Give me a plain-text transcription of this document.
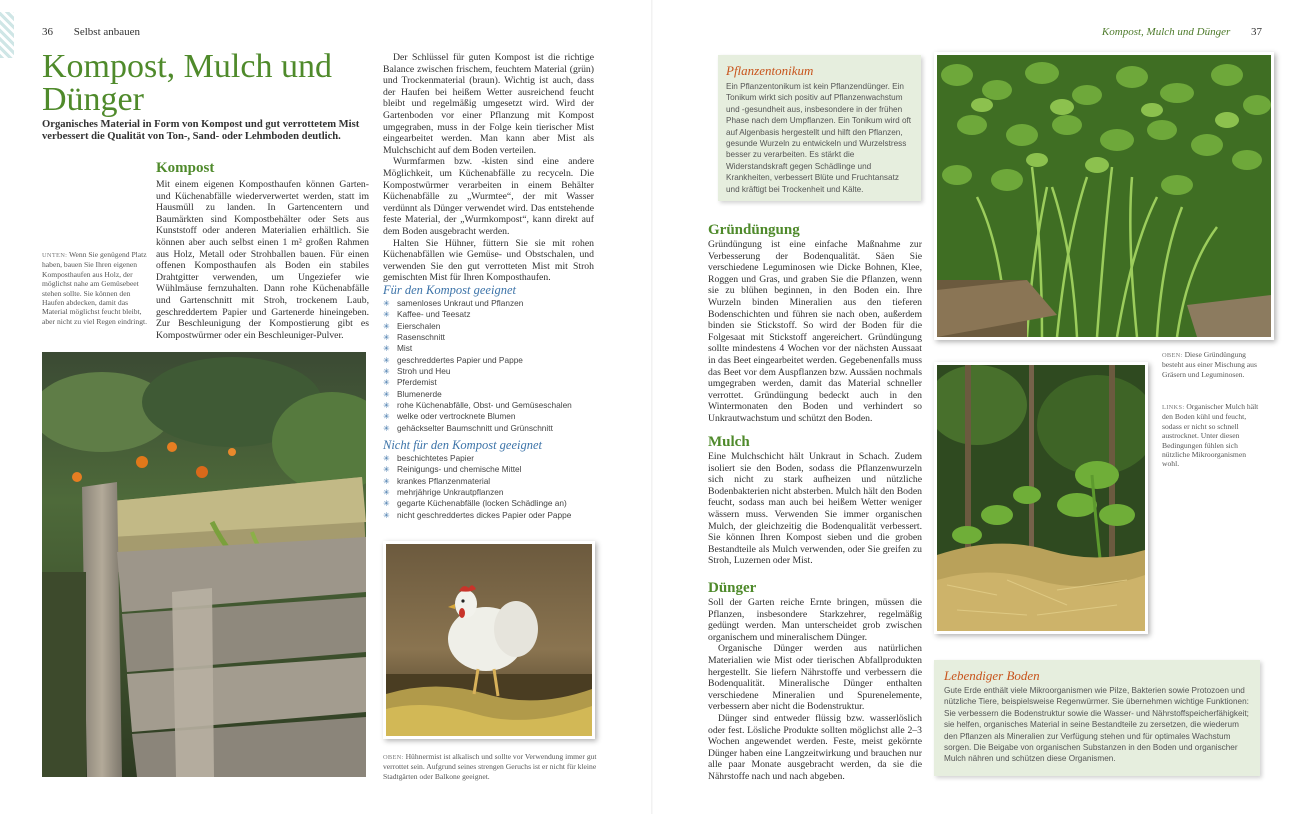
36 Selbst anbauen
Kompost, Mulch und
Dünger
Organisches Material in Form von Kompost und gut verrottetem Mist verbessert die Qualität von Ton-, Sand- oder Lehmboden deutlich.
Kompost

Mit einem eigenen Komposthaufen können Garten- und Küchenabfälle wiederverwertet werden, statt im Hausmüll zu landen. In Gartencentern und Baumärkten sind Kompostbehälter oder Sets aus Kunststoff oder anderen Materialien erhältlich. Sie können aber auch selbst einen 1 m² großen Rahmen aus Holz, Metall oder Strohballen bauen. Für einen offenen Komposthaufen als Boden ein stabiles Drahtgitter verwenden, um Ungeziefer wie Wühlmäuse fernzuhalten. Dann rohe Küchenabfälle und Gartenschnitt mit Stroh, trockenem Laub, geschreddertem Papier und Gartenerde hineingeben. Zur Beschleunigung der Kompostierung gibt es Kompostwürmer oder ein Beschleuniger-Pulver.

UNTEN: Wenn Sie genügend Platz haben, bauen Sie Ihren eigenen Komposthaufen aus Holz, der möglichst nahe am Gemüsebeet stehen sollte. Sie können den Haufen abdecken, damit das Material möglichst feucht bleibt, aber nicht zu viel Regen eindringt.

Der Schlüssel für guten Kompost ist die richtige Balance zwischen frischem, feuchtem Material (grün) und Trockenmaterial (braun). Wichtig ist auch, dass der Haufen bei heißem Wetter ausreichend feucht bleibt und regelmäßig umgesetzt wird. Wird der Gartenboden vor einer Pflanzung mit Kompost umgegraben, muss in der Folge kein tierischer Mist eingearbeitet werden. Man kann aber Mist als Mulchschicht auf dem Boden verteilen.

Wurmfarmen bzw. -kisten sind eine andere Möglichkeit, um Küchenabfälle zu recyceln. Die Kompostwürmer verarbeiten in einem Behälter Küchenabfälle zu „Wurmtee“, der mit Wasser verdünnt als Dünger verwendet wird. Das entstehende feste Material, der „Wurmkompost“, kann direkt auf dem Boden ausgebracht werden.

Halten Sie Hühner, füttern Sie sie mit rohen Küchenabfällen wie Gemüse- und Obstschalen, und verwenden Sie den gut verrotteten Mist mit Stroh gemischten Mist für Ihren Komposthaufen.

Für den Kompost geeignet
✳ samenloses Unkraut und Pflanzen
✳ Kaffee- und Teesatz
✳ Eierschalen
✳ Rasenschnitt
✳ Mist
✳ geschreddertes Papier und Pappe
✳ Stroh und Heu
✳ Pferdemist
✳ Blumenerde
✳ rohe Küchenabfälle, Obst- und Gemüseschalen
✳ welke oder vertrocknete Blumen
✳ gehäckselter Baumschnitt und Grünschnitt
Nicht für den Kompost geeignet
✳ beschichtetes Papier
✳ Reinigungs- und chemische Mittel
✳ krankes Pflanzenmaterial
✳ mehrjährige Unkrautpflanzen
✳ gegarte Küchenabfälle (locken Schädlinge an)
✳ nicht geschreddertes dickes Papier oder Pappe
OBEN: Hühnermist ist alkalisch und sollte vor Verwendung immer gut verrottet sein. Aufgrund seines strengen Geruchs ist er nicht für kleine Stadtgärten oder Balkone geeignet.
Kompost, Mulch und Dünger 37
Pflanzentonikum
Ein Pflanzentonikum ist kein Pflanzendünger. Ein Tonikum wirkt sich positiv auf Pflanzenwachstum und -gesundheit aus, insbesondere in der frühen Phase nach dem Umpflanzen. Ein Tonikum wird oft auf Algenbasis hergestellt und hilft den Pflanzen, gesunde Wurzeln zu entwickeln und Wurzelstress besser zu verarbeiten. Es stärkt die Widerstandskraft gegen Schädlinge und Krankheiten, verbessert Blüte und Fruchtansatz und kräftigt bei Trockenheit und Kälte.
Gründüngung

Gründüngung ist eine einfache Maßnahme zur Verbesserung der Bodenqualität. Säen Sie verschiedene Leguminosen wie Dicke Bohnen, Klee, Roggen und Gras, und graben Sie die Pflanzen, wenn sie zu blühen beginnen, in den Boden ein. Ihre Wurzeln binden Mineralien aus den tieferen Bodenschichten und führen sie nach oben, außerdem binden sie Stickstoff. So wird der Boden für die Folgesaat mit Stickstoff angereichert. Gründüngung sollte mindestens 4 Wochen vor der nächsten Aussaat in das Beet eingearbeitet werden. Gegebenenfalls muss das Beet vor dem Auspflanzen bzw. Aussäen nochmals umgegraben werden, damit das Material schneller verrottet. Gründüngung bedeckt auch in den Wintermonaten den Boden und verhindert so Unkrautwachstum und schützt den Boden.

Mulch

Eine Mulchschicht hält Unkraut in Schach. Zudem isoliert sie den Boden, sodass die Pflanzenwurzeln sich nicht zu stark aufheizen und nützliche Bodenbakterien nicht absterben. Mulch hält den Boden feucht, sodass man auch bei heißem Wetter weniger wässern muss. Verwenden Sie immer organischen Mulch, der gleichzeitig die Bodenqualität verbessert. Sie können Ihren Kompost sieben und die groben Bestandteile als Mulch verwenden, oder Sie greifen zu Stroh, Luzernen oder Mist.

Dünger

Soll der Garten reiche Ernte bringen, müssen die Pflanzen, insbesondere Starkzehrer, regelmäßig gedüngt werden. Man unterscheidet grob zwischen organischem und mineralischem Dünger.

Organische Dünger werden aus natürlichen Materialien wie Mist oder tierischen Abfallprodukten hergestellt. Sie liefern Nährstoffe und verbessern die Bodenqualität. Mineralische Dünger enthalten verschiedene Mineralien und Spurenelemente, verbessern aber nicht die Bodenstruktur.

Dünger sind entweder flüssig bzw. wasserlöslich oder fest. Lösliche Produkte sollten möglichst alle 2–3 Wochen angewendet werden. Feste, meist gekörnte Dünger haben eine Langzeitwirkung und brauchen nur alle paar Monate ausgebracht werden, da sie die Nährstoffe nach und nach abgeben.

OBEN: Diese Gründüngung besteht aus einer Mischung aus Gräsern und Leguminosen.
LINKS: Organischer Mulch hält den Boden kühl und feucht, sodass er nicht so schnell austrocknet. Unter diesen Bedingungen fühlen sich nützliche Mikroorganismen wohl.
Lebendiger Boden
Gute Erde enthält viele Mikroorganismen wie Pilze, Bakterien sowie Protozoen und nützliche Tiere, beispielsweise Regenwürmer. Sie übernehmen wichtige Funktionen: Sie verbessern die Bodenstruktur sowie die Wasser- und Nährstoffspeicherfähigkeit; sie helfen, organisches Material in seine Bestandteile zu zersetzen, die wiederum den Pflanzen als Mineralien zur Verfügung stehen und für optimales Wachstum sorgen. Die Beigabe von organischen Substanzen in den Boden und organischer Mulch nähren und schützen diese Organismen.
